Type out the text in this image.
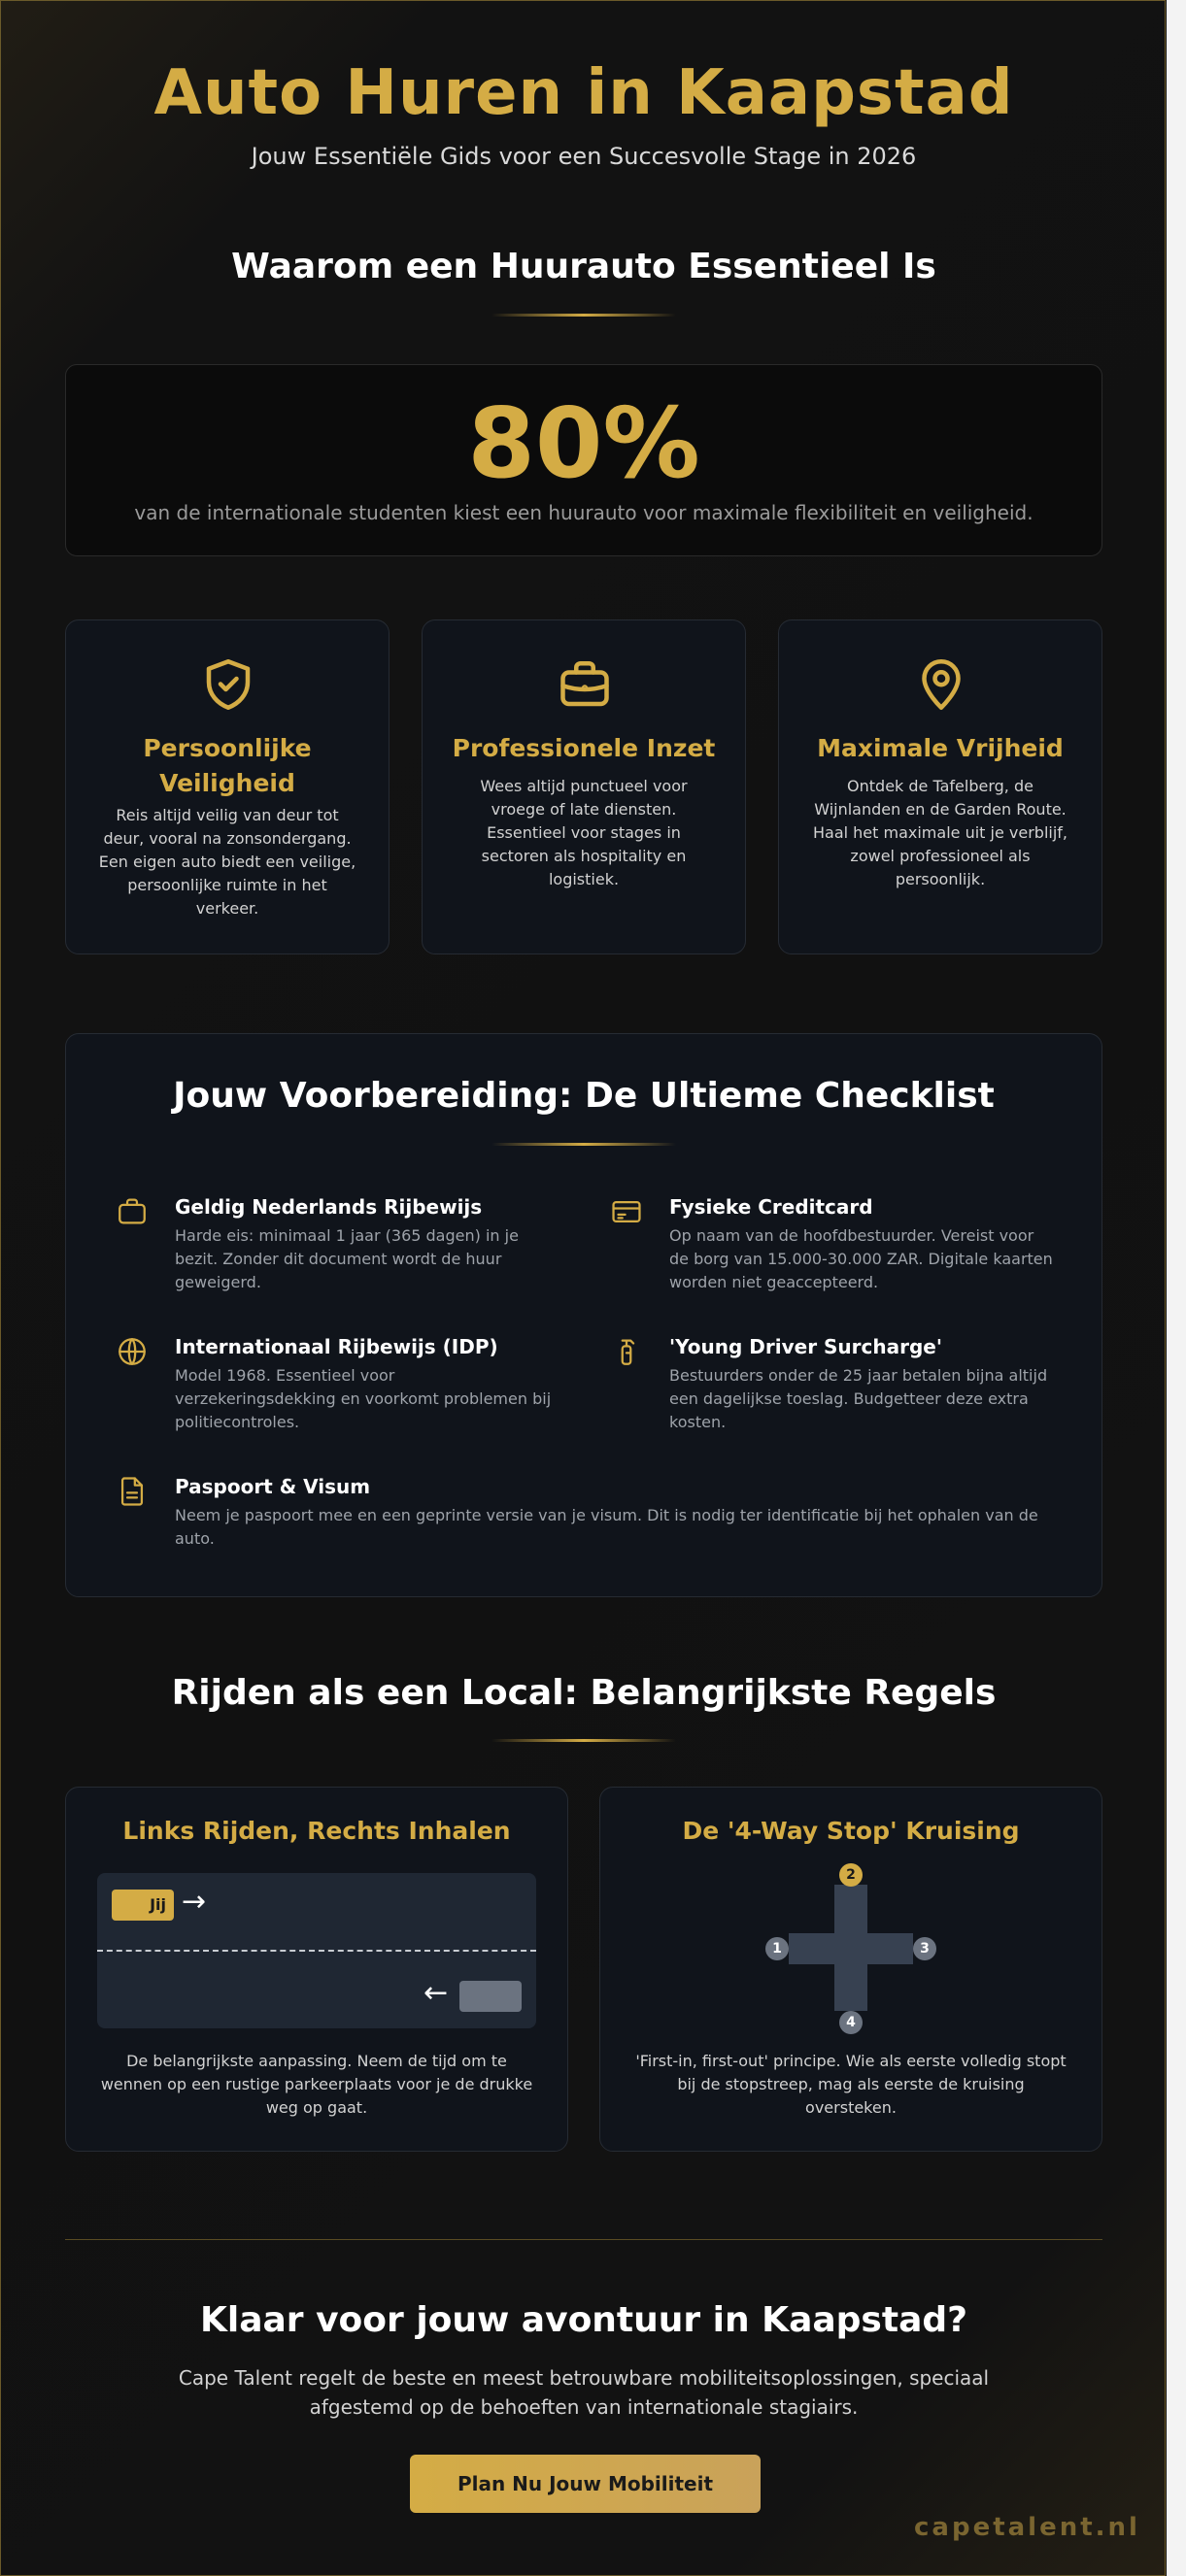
Auto Huren in Kaapstad
Jouw Essentiële Gids voor een Succesvolle Stage in 2026
Waarom een Huurauto Essentieel Is
80%
van de internationale studenten kiest een huurauto voor maximale flexibiliteit en veiligheid.
Persoonlijke
Veiligheid
Reis altijd veilig van deur tot
deur, vooral na zonsondergang.
Een eigen auto biedt een veilige,
persoonlijke ruimte in het
verkeer.
Professionele Inzet
Wees altijd punctueel voor
vroege of late diensten.
Essentieel voor stages in
sectoren als hospitality en
logistiek.
Maximale Vrijheid
Ontdek de Tafelberg, de
Wijnlanden en de Garden Route.
Haal het maximale uit je verblijf,
zowel professioneel als
persoonlijk.
Jouw Voorbereiding: De Ultieme Checklist
Geldig Nederlands Rijbewijs
Harde eis: minimaal 1 jaar (365 dagen) in je
bezit. Zonder dit document wordt de huur
geweigerd.
Fysieke Creditcard
Op naam van de hoofdbestuurder. Vereist voor
de borg van 15.000-30.000 ZAR. Digitale kaarten
worden niet geaccepteerd.
Internationaal Rijbewijs (IDP)
Model 1968. Essentieel voor
verzekeringsdekking en voorkomt problemen bij
politiecontroles.
'Young Driver Surcharge'
Bestuurders onder de 25 jaar betalen bijna altijd
een dagelijkse toeslag. Budgetteer deze extra
kosten.
Paspoort & Visum
Neem je paspoort mee en een geprinte versie van je visum. Dit is nodig ter identificatie bij het ophalen van de
auto.
Rijden als een Local: Belangrijkste Regels
Links Rijden, Rechts Inhalen
Jij →
←
De belangrijkste aanpassing. Neem de tijd om te
wennen op een rustige parkeerplaats voor je de drukke
weg op gaat.
De '4-Way Stop' Kruising
1
2
3
4
'First-in, first-out' principe. Wie als eerste volledig stopt
bij de stopstreep, mag als eerste de kruising
oversteken.
Klaar voor jouw avontuur in Kaapstad?
Cape Talent regelt de beste en meest betrouwbare mobiliteitsoplossingen, speciaal
afgestemd op de behoeften van internationale stagiairs.
Plan Nu Jouw Mobiliteit
capetalent.nl
